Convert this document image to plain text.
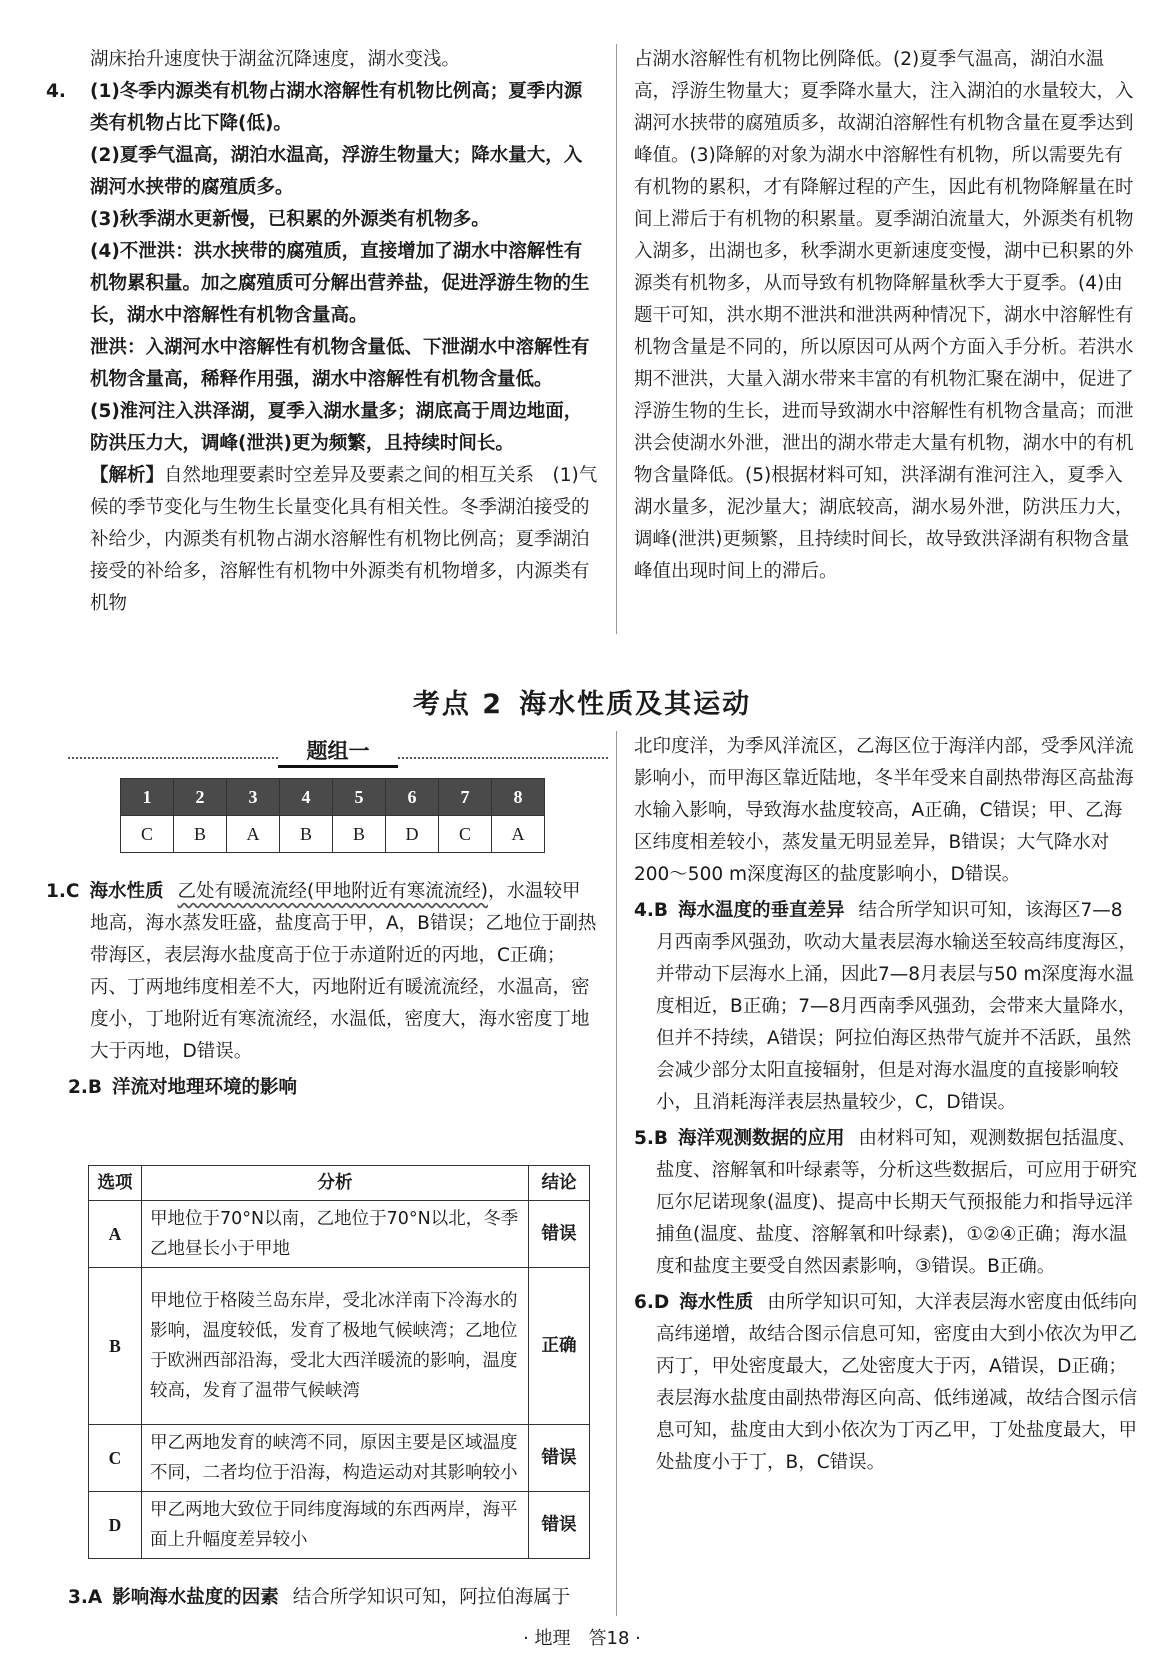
湖床抬升速度快于湖盆沉降速度，湖水变浅。

4. (1)冬季内源类有机物占湖水溶解性有机物比例高；夏季内源类有机物占比下降(低)。

(2)夏季气温高，湖泊水温高，浮游生物量大；降水量大，入湖河水挟带的腐殖质多。

(3)秋季湖水更新慢，已积累的外源类有机物多。

(4)不泄洪：洪水挟带的腐殖质，直接增加了湖水中溶解性有机物累积量。加之腐殖质可分解出营养盐，促进浮游生物的生长，湖水中溶解性有机物含量高。

泄洪：入湖河水中溶解性有机物含量低、下泄湖水中溶解性有机物含量高，稀释作用强，湖水中溶解性有机物含量低。

(5)淮河注入洪泽湖，夏季入湖水量多；湖底高于周边地面，防洪压力大，调峰(泄洪)更为频繁，且持续时间长。

【解析】自然地理要素时空差异及要素之间的相互关系　(1)气候的季节变化与生物生长量变化具有相关性。冬季湖泊接受的补给少，内源类有机物占湖水溶解性有机物比例高；夏季湖泊接受的补给多，溶解性有机物中外源类有机物增多，内源类有机物

占湖水溶解性有机物比例降低。(2)夏季气温高，湖泊水温高，浮游生物量大；夏季降水量大，注入湖泊的水量较大，入湖河水挟带的腐殖质多，故湖泊溶解性有机物含量在夏季达到峰值。(3)降解的对象为湖水中溶解性有机物，所以需要先有有机物的累积，才有降解过程的产生，因此有机物降解量在时间上滞后于有机物的积累量。夏季湖泊流量大，外源类有机物入湖多，出湖也多，秋季湖水更新速度变慢，湖中已积累的外源类有机物多，从而导致有机物降解量秋季大于夏季。(4)由题干可知，洪水期不泄洪和泄洪两种情况下，湖水中溶解性有机物含量是不同的，所以原因可从两个方面入手分析。若洪水期不泄洪，大量入湖水带来丰富的有机物汇聚在湖中，促进了浮游生物的生长，进而导致湖水中溶解性有机物含量高；而泄洪会使湖水外泄，泄出的湖水带走大量有机物，湖水中的有机物含量降低。(5)根据材料可知，洪泽湖有淮河注入，夏季入湖水量多，泥沙量大；湖底较高，湖水易外泄，防洪压力大，调峰(泄洪)更频繁，且持续时间长，故导致洪泽湖有积物含量峰值出现时间上的滞后。

考点 2 海水性质及其运动
题组一
1	2	3	4	5	6	7	8
C	B	A	B	B	D	C	A

1.C 海水性质 乙处有暖流流经(甲地附近有寒流流经)，水温较甲地高，海水蒸发旺盛，盐度高于甲，A，B错误；乙地位于副热带海区，表层海水盐度高于位于赤道附近的丙地，C正确；丙、丁两地纬度相差不大，丙地附近有暖流流经，水温高，密度小，丁地附近有寒流流经，水温低，密度大，海水密度丁地大于丙地，D错误。

2.B 洋流对地理环境的影响

选项	分析	结论
A	甲地位于70°N以南，乙地位于70°N以北，冬季乙地昼长小于甲地	错误
B	甲地位于格陵兰岛东岸，受北冰洋南下冷海水的影响，温度较低，发育了极地气候峡湾；乙地位于欧洲西部沿海，受北大西洋暖流的影响，温度较高，发育了温带气候峡湾	正确
C	甲乙两地发育的峡湾不同，原因主要是区域温度不同，二者均位于沿海，构造运动对其影响较小	错误
D	甲乙两地大致位于同纬度海域的东西两岸，海平面上升幅度差异较小	错误

3.A 影响海水盐度的因素 结合所学知识可知，阿拉伯海属于

北印度洋，为季风洋流区，乙海区位于海洋内部，受季风洋流影响小，而甲海区靠近陆地，冬半年受来自副热带海区高盐海水输入影响，导致海水盐度较高，A正确，C错误；甲、乙海区纬度相差较小，蒸发量无明显差异，B错误；大气降水对200～500 m深度海区的盐度影响小，D错误。

4.B 海水温度的垂直差异 结合所学知识可知，该海区7—8月西南季风强劲，吹动大量表层海水输送至较高纬度海区，并带动下层海水上涌，因此7—8月表层与50 m深度海水温度相近，B正确；7—8月西南季风强劲，会带来大量降水，但并不持续，A错误；阿拉伯海区热带气旋并不活跃，虽然会减少部分太阳直接辐射，但是对海水温度的直接影响较小，且消耗海洋表层热量较少，C，D错误。

5.B 海洋观测数据的应用 由材料可知，观测数据包括温度、盐度、溶解氧和叶绿素等，分析这些数据后，可应用于研究厄尔尼诺现象(温度)、提高中长期天气预报能力和指导远洋捕鱼(温度、盐度、溶解氧和叶绿素)，①②④正确；海水温度和盐度主要受自然因素影响，③错误。B正确。

6.D 海水性质 由所学知识可知，大洋表层海水密度由低纬向高纬递增，故结合图示信息可知，密度由大到小依次为甲乙丙丁，甲处密度最大，乙处密度大于丙，A错误，D正确；表层海水盐度由副热带海区向高、低纬递减，故结合图示信息可知，盐度由大到小依次为丁丙乙甲，丁处盐度最大，甲处盐度小于丁，B，C错误。

· 地理　答18 ·
